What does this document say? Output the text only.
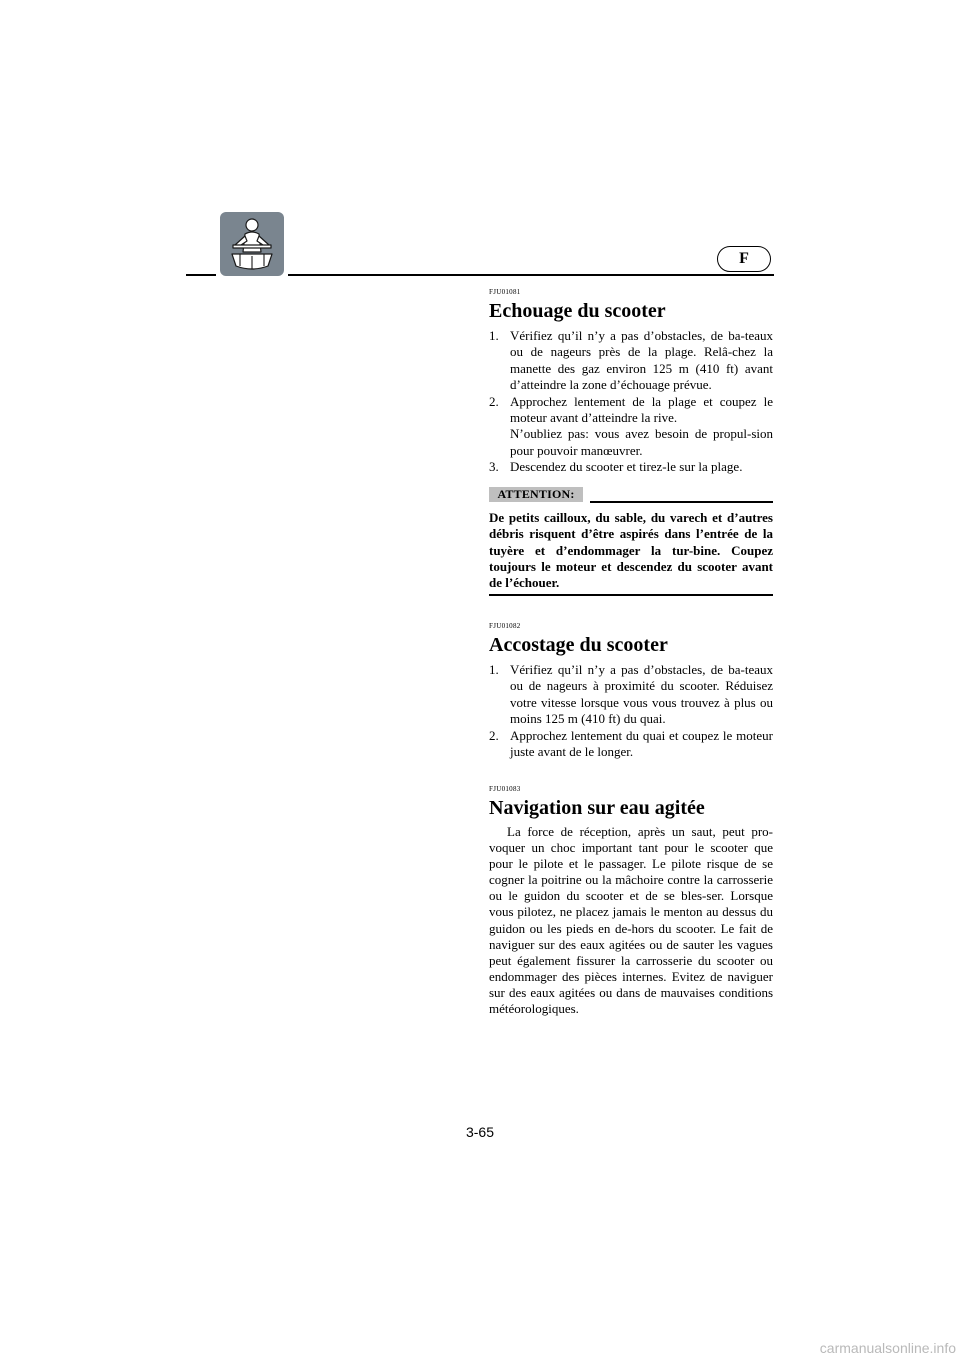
F
FJU01081
Echouage du scooter
1. Vérifiez qu’il n’y a pas d’obstacles, de ba-teaux ou de nageurs près de la plage. Relâ-chez la manette des gaz environ 125 m (410 ft) avant d’atteindre la zone d’échouage prévue.
2. Approchez lentement de la plage et coupez le moteur avant d’atteindre la rive.
N’oubliez pas: vous avez besoin de propul-sion pour pouvoir manœuvrer.
3. Descendez du scooter et tirez-le sur la plage.
ATTENTION:
De petits cailloux, du sable, du varech et d’autres débris risquent d’être aspirés dans l’entrée de la tuyère et d’endommager la tur-bine. Coupez toujours le moteur et descendez du scooter avant de l’échouer.
FJU01082
Accostage du scooter
1. Vérifiez qu’il n’y a pas d’obstacles, de ba-teaux ou de nageurs à proximité du scooter. Réduisez votre vitesse lorsque vous vous trouvez à plus ou moins 125 m (410 ft) du quai.
2. Approchez lentement du quai et coupez le moteur juste avant de le longer.
FJU01083
Navigation sur eau agitée
La force de réception, après un saut, peut pro-voquer un choc important tant pour le scooter que pour le pilote et le passager. Le pilote risque de se cogner la poitrine ou la mâchoire contre la carrosserie ou le guidon du scooter et de se bles-ser. Lorsque vous pilotez, ne placez jamais le menton au dessus du guidon ou les pieds en de-hors du scooter. Le fait de naviguer sur des eaux agitées ou de sauter les vagues peut également fissurer la carrosserie du scooter ou endommager des pièces internes. Evitez de naviguer sur des eaux agitées ou dans de mauvaises conditions météorologiques.
3-65
carmanualsonline.info
